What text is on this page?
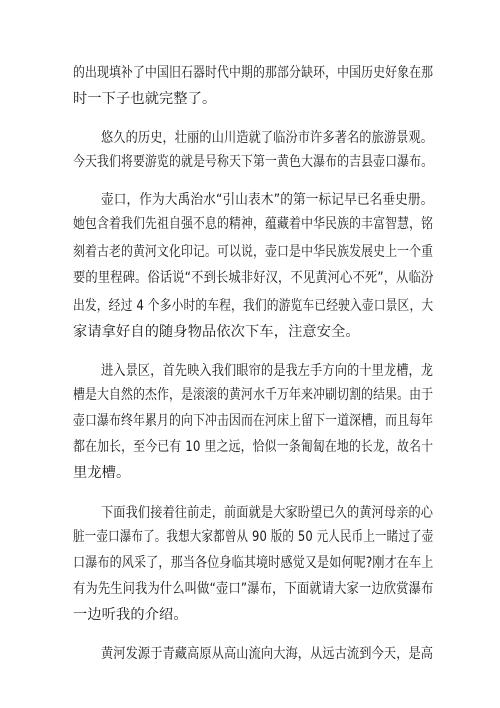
的出现填补了中国旧石器时代中期的那部分缺环，中国历史好象在那
时一下子也就完整了。
悠久的历史，壮丽的山川造就了临汾市许多著名的旅游景观。
今天我们将要游览的就是号称天下第一黄色大瀑布的吉县壶口瀑布。
壶口，作为大禹治水“引山表木”的第一标记早已名垂史册。
她包含着我们先祖自强不息的精神，蕴藏着中华民族的丰富智慧，铭
刻着古老的黄河文化印记。可以说，壶口是中华民族发展史上一个重
要的里程碑。俗话说“不到长城非好汉，不见黄河心不死”，从临汾
出发，经过 4 个多小时的车程，我们的游览车已经驶入壶口景区，大
家请拿好自的随身物品依次下车，注意安全。
进入景区，首先映入我们眼帘的是我左手方向的十里龙槽，龙
槽是大自然的杰作，是滚滚的黄河水千万年来冲刷切割的结果。由于
壶口瀑布终年累月的向下冲击因而在河床上留下一道深槽，而且每年
都在加长，至今已有 10 里之远，恰似一条匍匐在地的长龙，故名十
里龙槽。
下面我们接着往前走，前面就是大家盼望已久的黄河母亲的心
脏一壶口瀑布了。我想大家都曾从 90 版的 50 元人民币上一睹过了壶
口瀑布的风采了，那当各位身临其境时感觉又是如何呢?刚才在车上
有为先生问我为什么叫做“壶口”瀑布，下面就请大家一边欣赏瀑布
一边听我的介绍。
黄河发源于青藏高原从高山流向大海，从远古流到今天，是高
